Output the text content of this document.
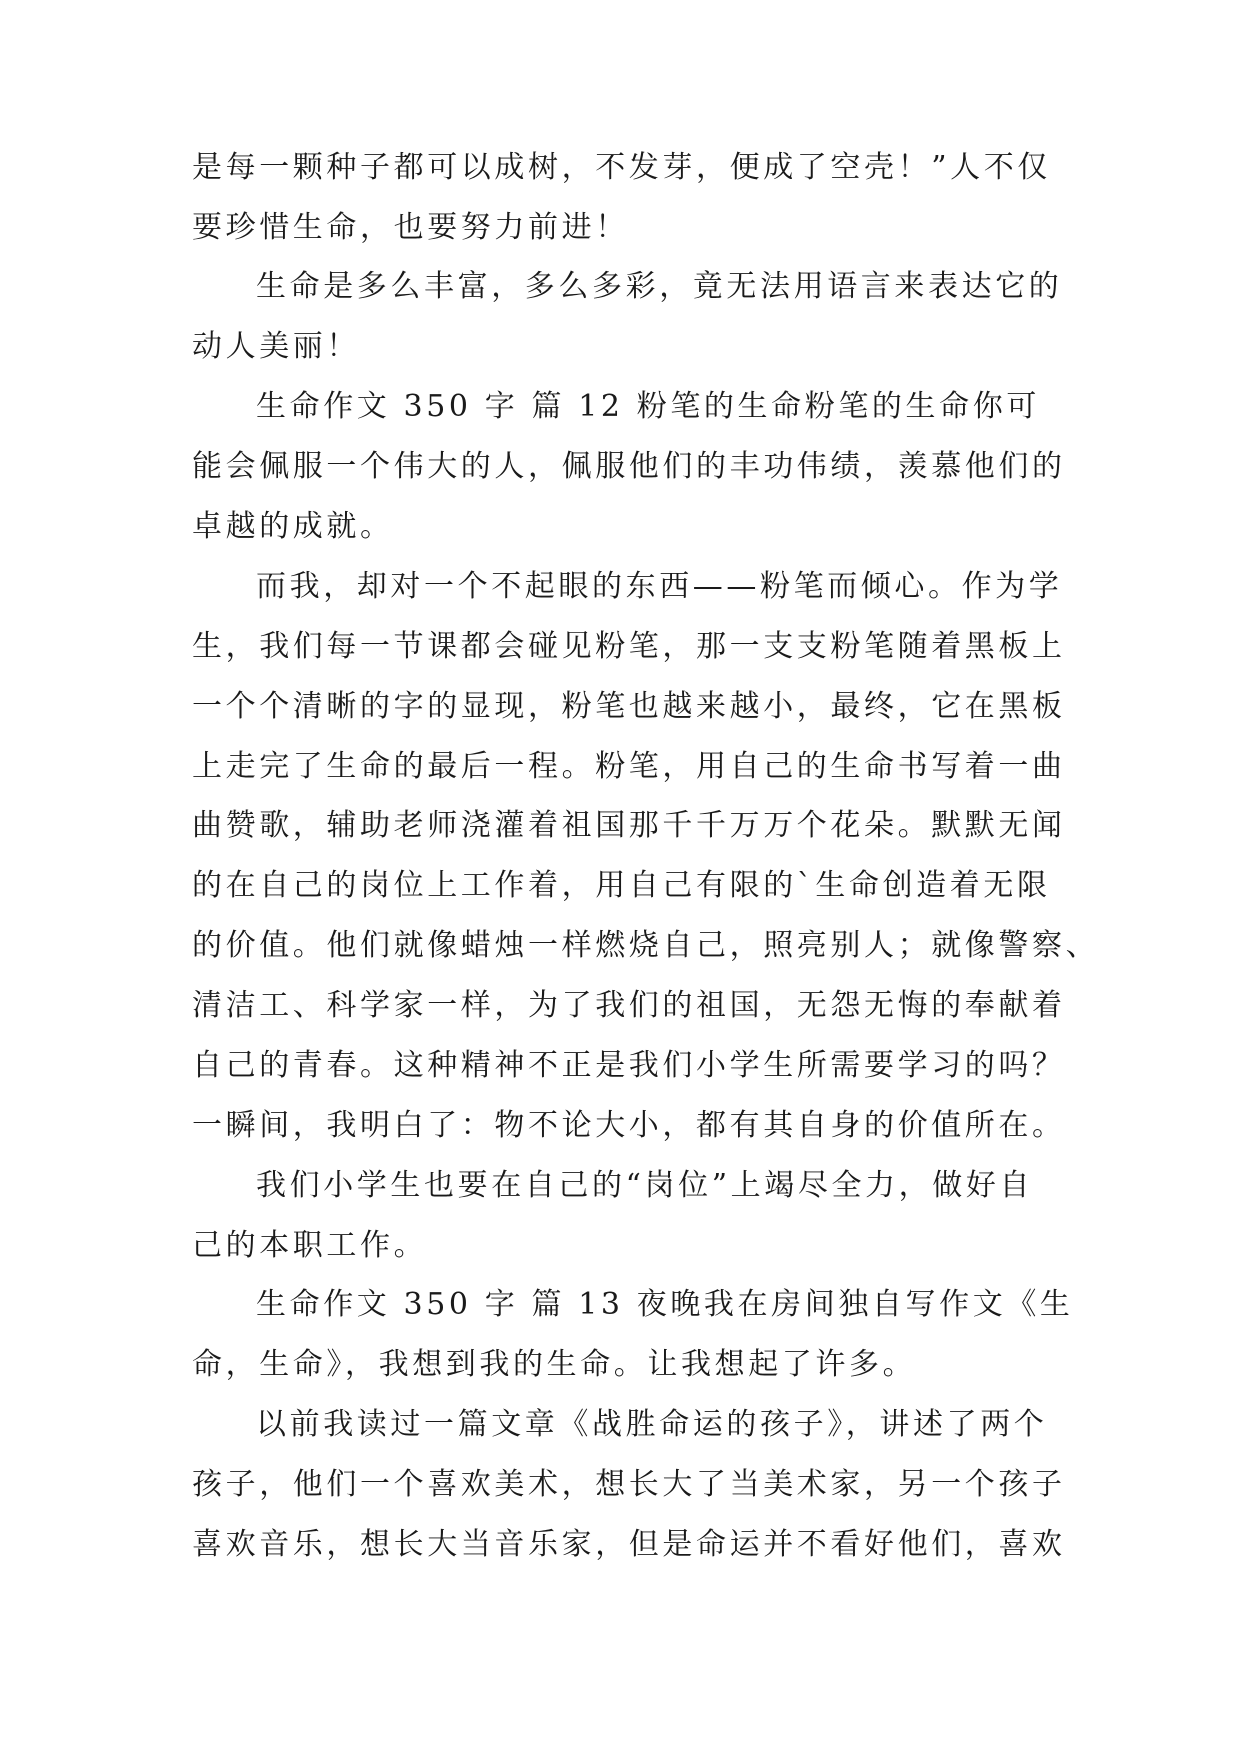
是每一颗种子都可以成树，不发芽，便成了空壳！”人不仅
要珍惜生命，也要努力前进！
生命是多么丰富，多么多彩，竟无法用语言来表达它的
动人美丽！
生命作文 350 字 篇 12 粉笔的生命粉笔的生命你可
能会佩服一个伟大的人，佩服他们的丰功伟绩，羡慕他们的
卓越的成就。
而我，却对一个不起眼的东西——粉笔而倾心。作为学
生，我们每一节课都会碰见粉笔，那一支支粉笔随着黑板上
一个个清晰的字的显现，粉笔也越来越小，最终，它在黑板
上走完了生命的最后一程。粉笔，用自己的生命书写着一曲
曲赞歌，辅助老师浇灌着祖国那千千万万个花朵。默默无闻
的在自己的岗位上工作着，用自己有限的`生命创造着无限
的价值。他们就像蜡烛一样燃烧自己，照亮别人；就像警察、
清洁工、科学家一样，为了我们的祖国，无怨无悔的奉献着
自己的青春。这种精神不正是我们小学生所需要学习的吗？
一瞬间，我明白了：物不论大小，都有其自身的价值所在。
我们小学生也要在自己的“岗位”上竭尽全力，做好自
己的本职工作。
生命作文 350 字 篇 13 夜晚我在房间独自写作文《生
命，生命》，我想到我的生命。让我想起了许多。
以前我读过一篇文章《战胜命运的孩子》，讲述了两个
孩子，他们一个喜欢美术，想长大了当美术家，另一个孩子
喜欢音乐，想长大当音乐家，但是命运并不看好他们，喜欢
